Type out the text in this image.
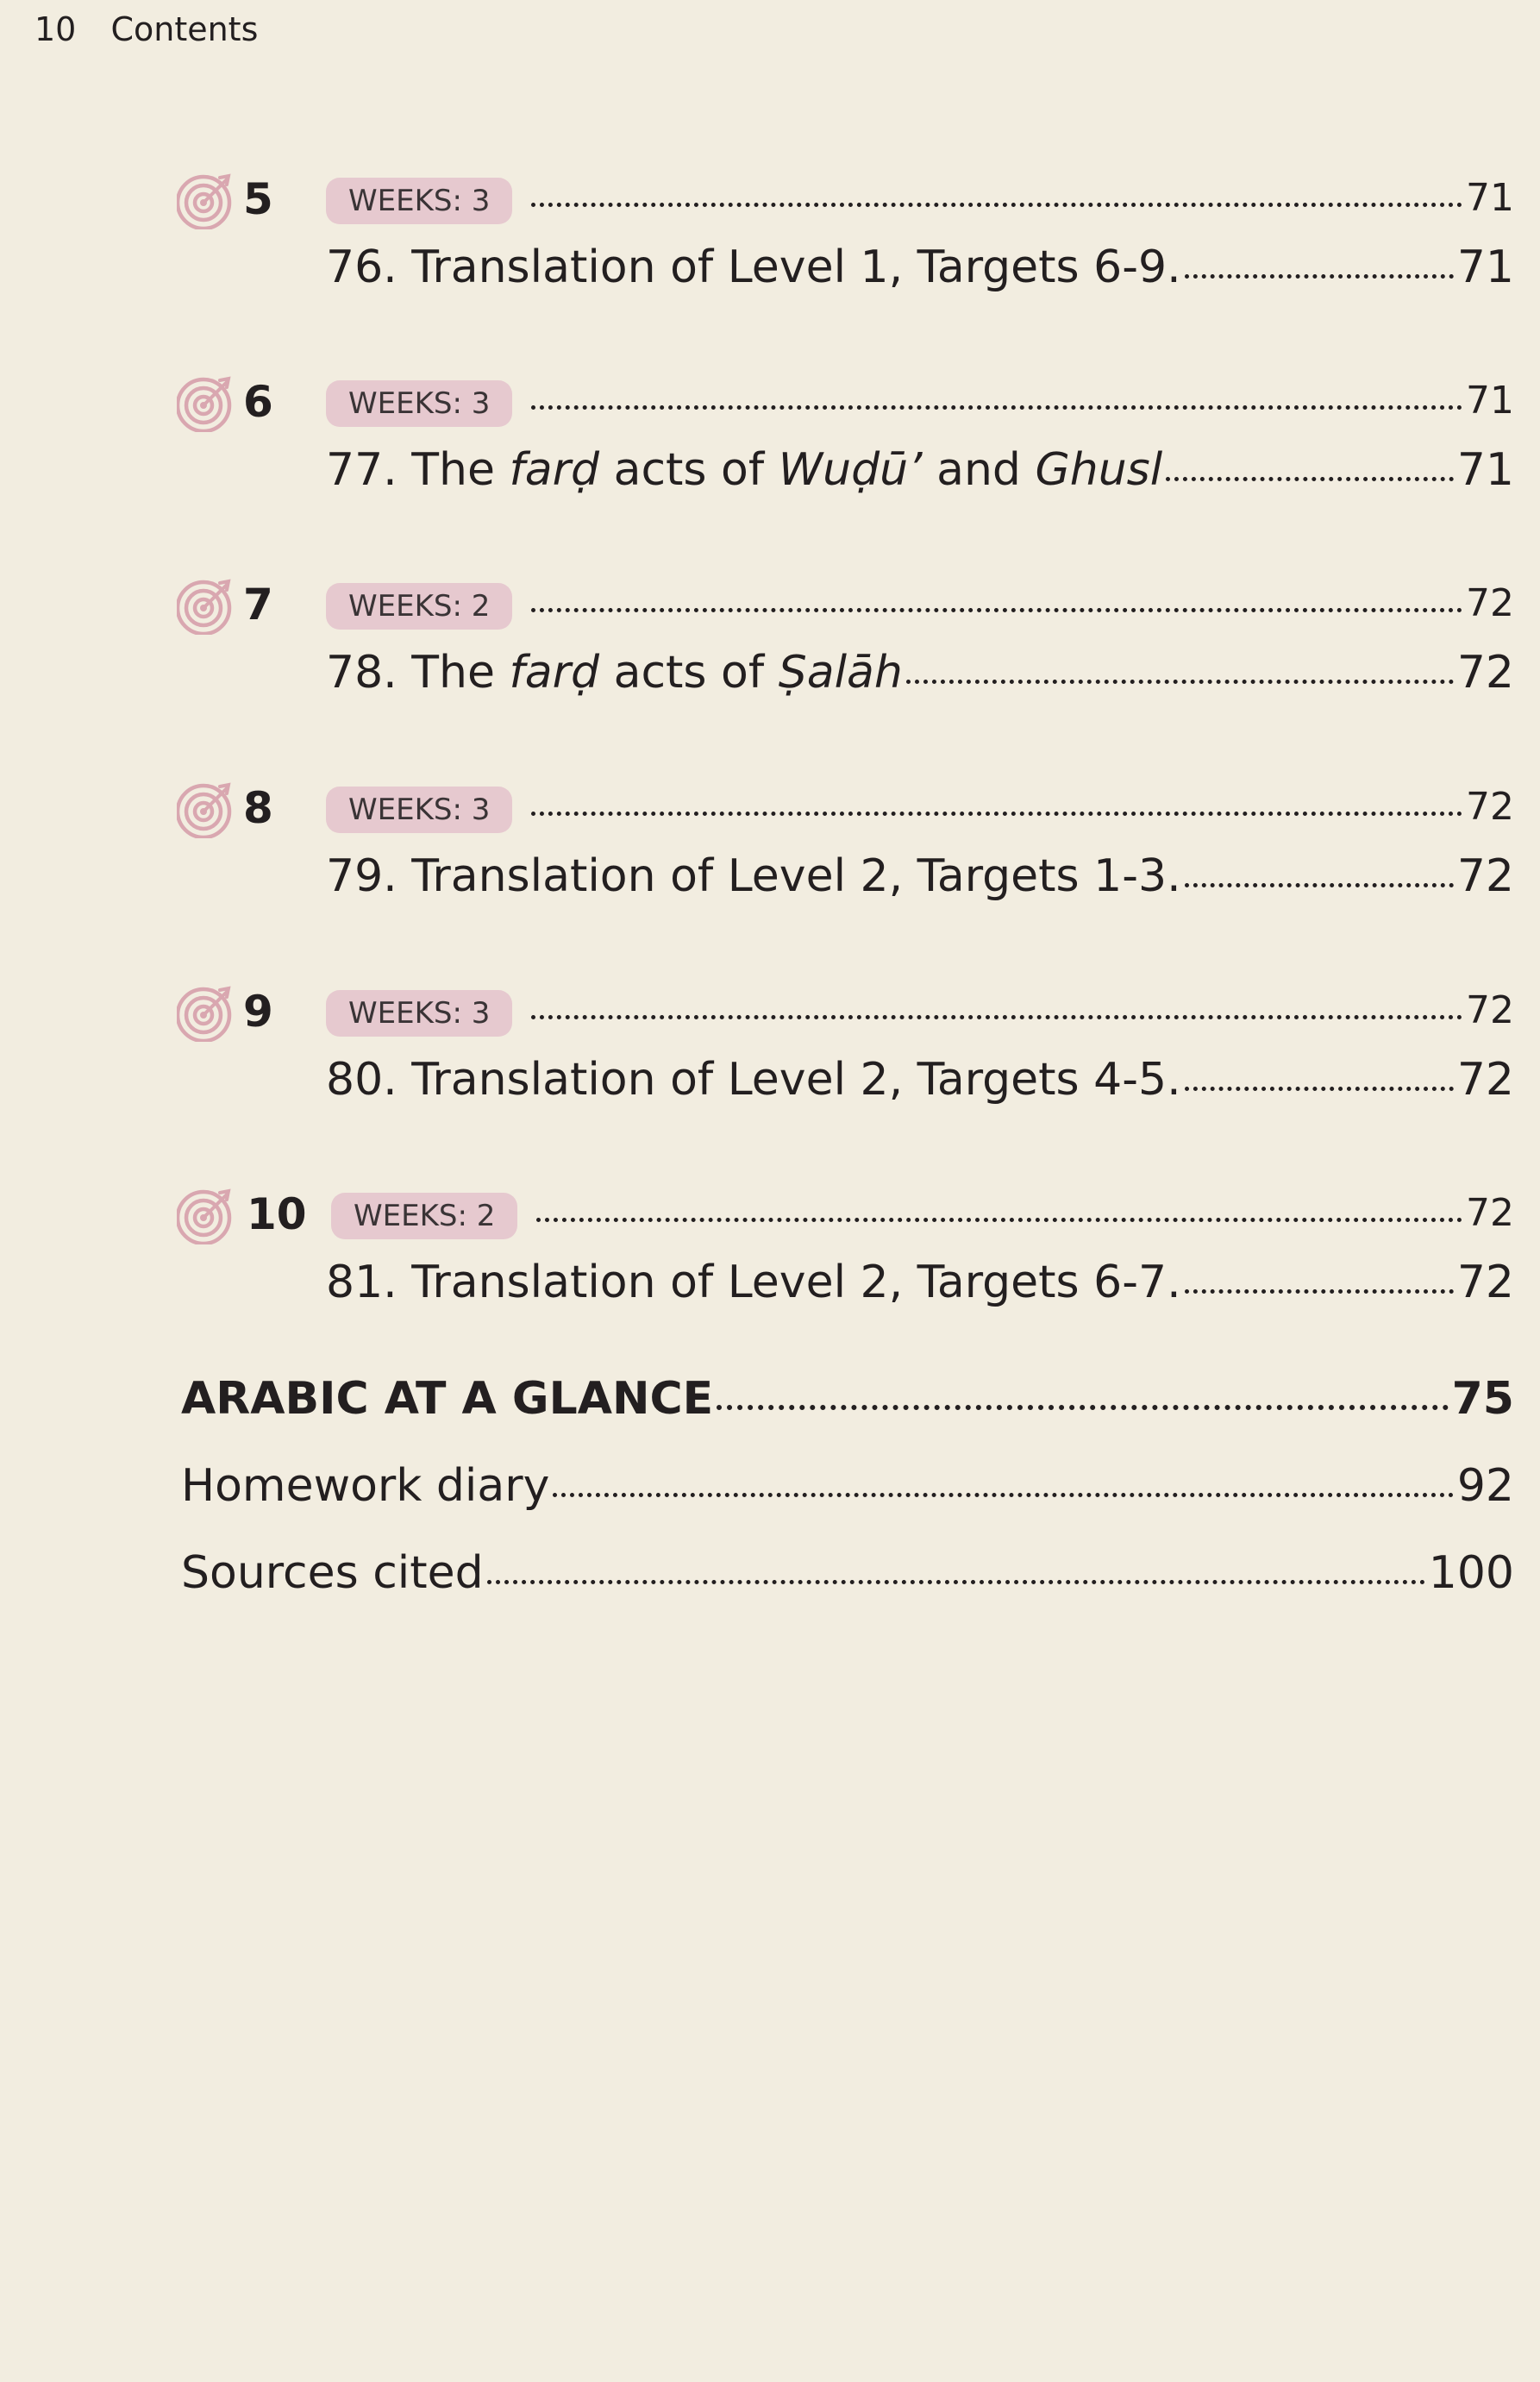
10 Contents
5	WEEKS: 3	71
76. Translation of Level 1, Targets 6-9.	71
6	WEEKS: 3	71
77. The farḍ acts of Wuḍū’ and Ghusl	71
7	WEEKS: 2	72
78. The farḍ acts of Ṣalāh	72
8	WEEKS: 3	72
79. Translation of Level 2, Targets 1-3.	72
9	WEEKS: 3	72
80. Translation of Level 2, Targets 4-5.	72
10	WEEKS: 2	72
81. Translation of Level 2, Targets 6-7.	72
ARABIC AT A GLANCE	75
Homework diary	92
Sources cited	100
